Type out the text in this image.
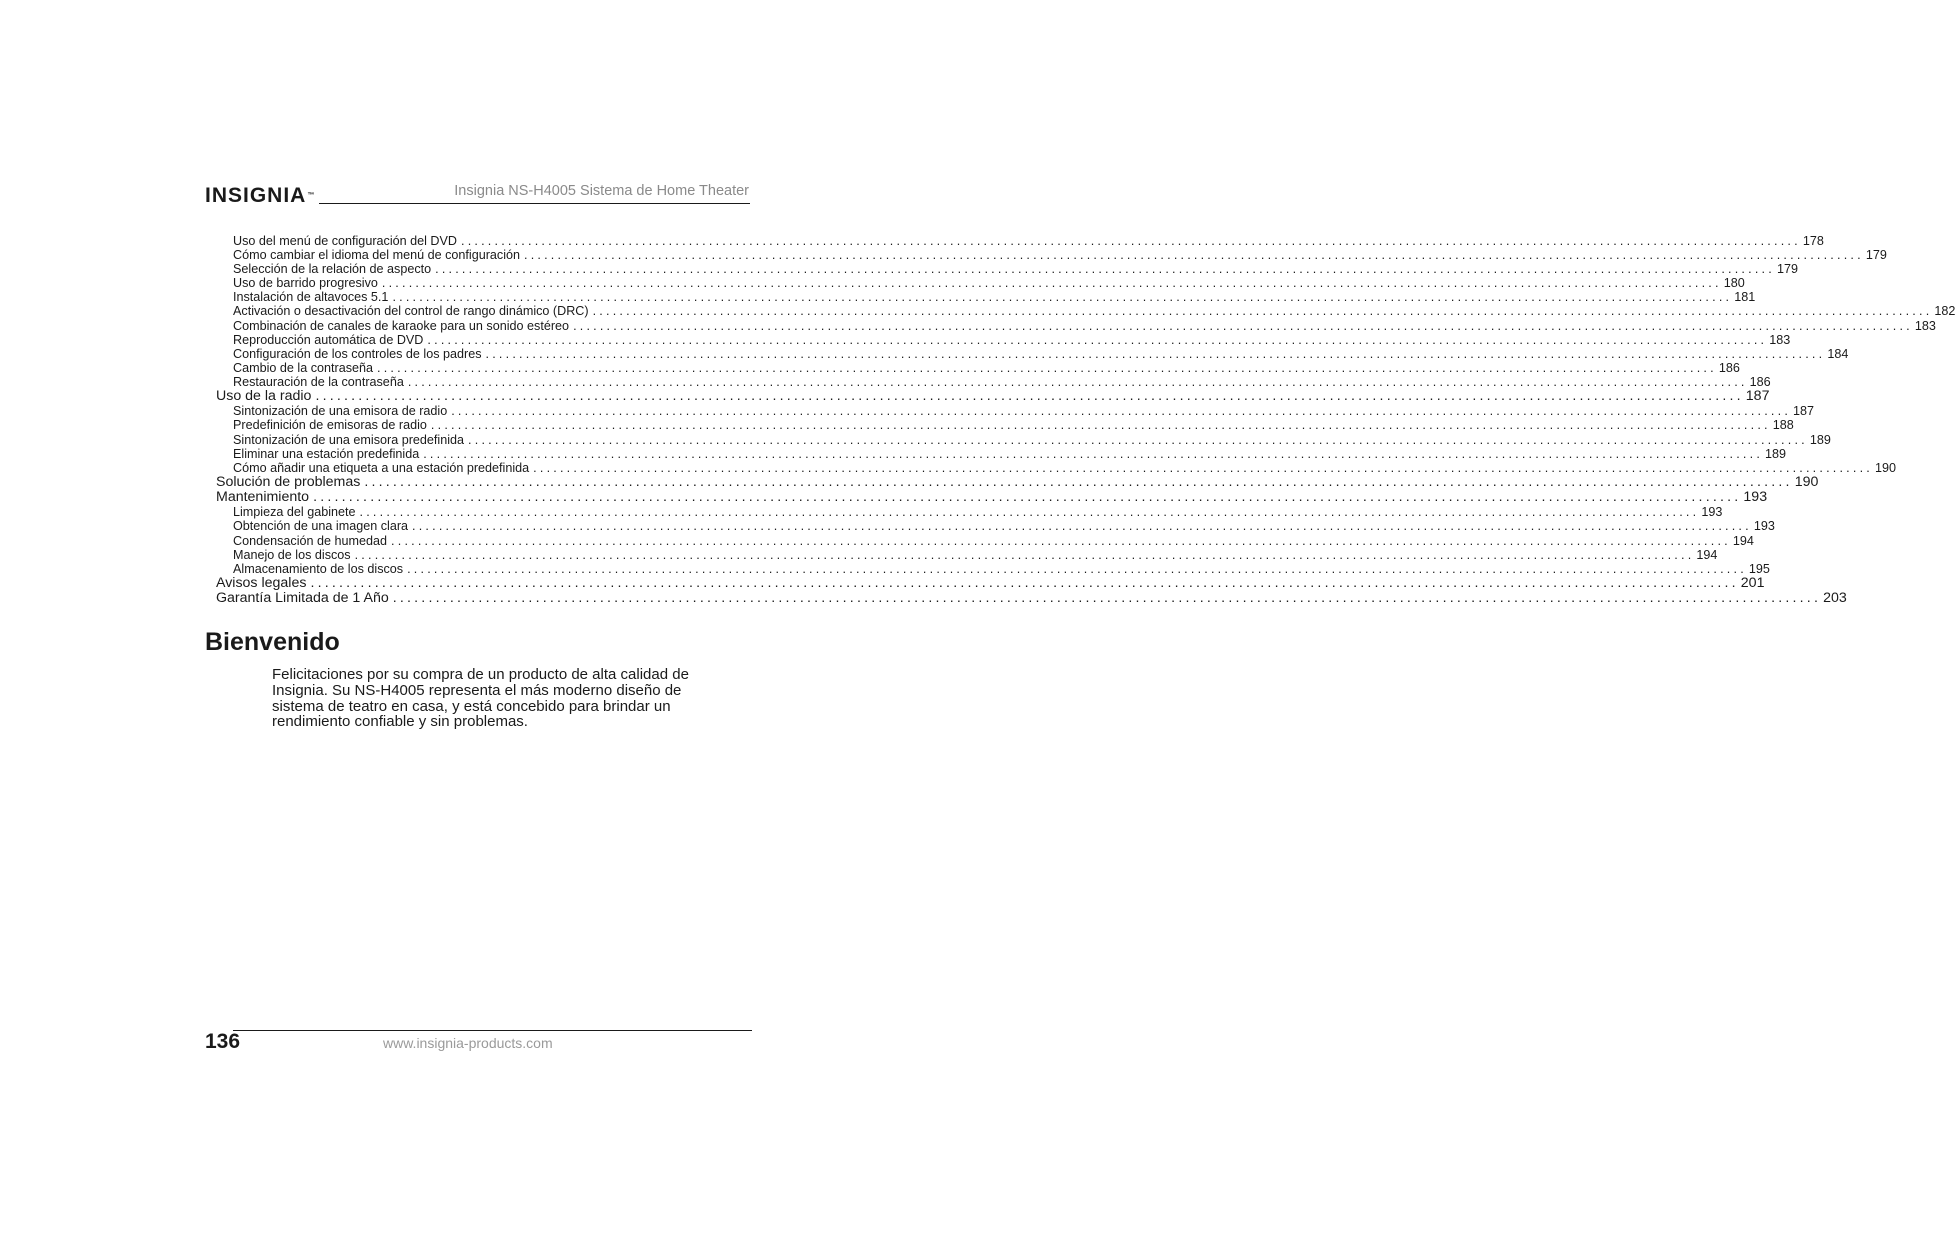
INSIGNIA™	Insignia NS-H4005 Sistema de Home Theater
Uso del menú de configuración del DVD ........................................................................................................................................................................................................ 178
Cómo cambiar el idioma del menú de configuración ........................................................................................................................................................................................................ 179
Selección de la relación de aspecto ........................................................................................................................................................................................................ 179
Uso de barrido progresivo ........................................................................................................................................................................................................ 180
Instalación de altavoces 5.1 ........................................................................................................................................................................................................ 181
Activación o desactivación del control de rango dinámico (DRC) ........................................................................................................................................................................................................ 182
Combinación de canales de karaoke para un sonido estéreo ........................................................................................................................................................................................................ 183
Reproducción automática de DVD ........................................................................................................................................................................................................ 183
Configuración de los controles de los padres ........................................................................................................................................................................................................ 184
Cambio de la contraseña ........................................................................................................................................................................................................ 186
Restauración de la contraseña ........................................................................................................................................................................................................ 186
Uso de la radio ........................................................................................................................................................................................................ 187
Sintonización de una emisora de radio ........................................................................................................................................................................................................ 187
Predefinición de emisoras de radio ........................................................................................................................................................................................................ 188
Sintonización de una emisora predefinida ........................................................................................................................................................................................................ 189
Eliminar una estación predefinida ........................................................................................................................................................................................................ 189
Cómo añadir una etiqueta a una estación predefinida ........................................................................................................................................................................................................ 190
Solución de problemas ........................................................................................................................................................................................................ 190
Mantenimiento ........................................................................................................................................................................................................ 193
Limpieza del gabinete ........................................................................................................................................................................................................ 193
Obtención de una imagen clara ........................................................................................................................................................................................................ 193
Condensación de humedad ........................................................................................................................................................................................................ 194
Manejo de los discos ........................................................................................................................................................................................................ 194
Almacenamiento de los discos ........................................................................................................................................................................................................ 195
Avisos legales ........................................................................................................................................................................................................ 201
Garantía Limitada de 1 Año ........................................................................................................................................................................................................ 203
Bienvenido

Felicitaciones por su compra de un producto de alta calidad de Insignia. Su NS-H4005 representa el más moderno diseño de sistema de teatro en casa, y está concebido para brindar un rendimiento confiable y sin problemas.

136	www.insignia-products.com
